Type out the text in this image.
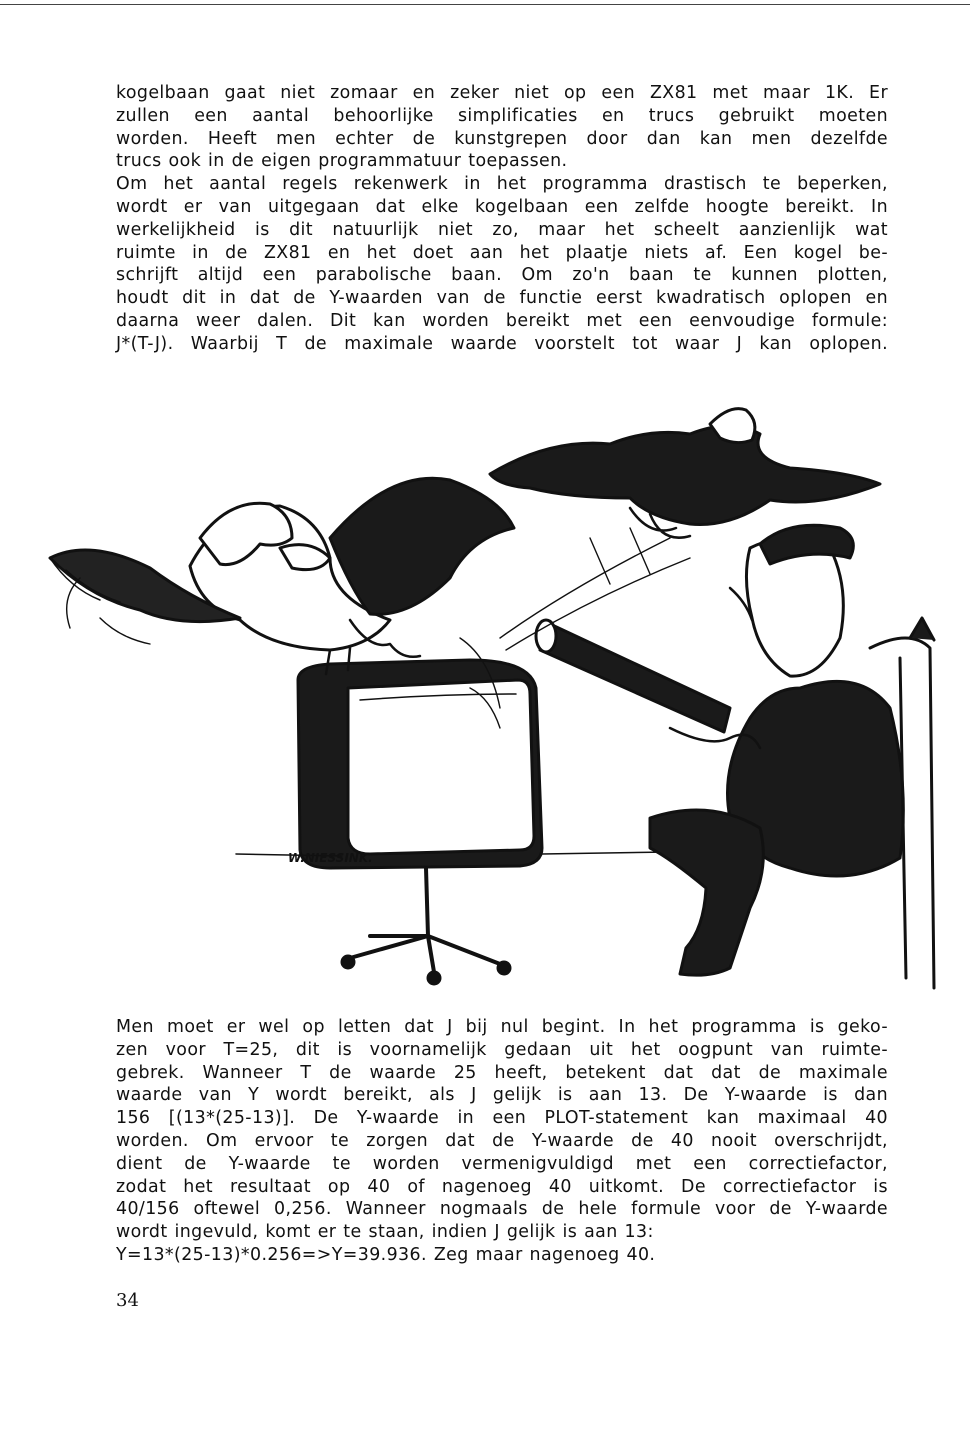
kogelbaan gaat niet zomaar en zeker niet op een ZX81 met maar 1K. Er
zullen een aantal behoorlijke simplificaties en trucs gebruikt moeten
worden. Heeft men echter de kunstgrepen door dan kan men dezelfde
trucs ook in de eigen programmatuur toepassen.
Om het aantal regels rekenwerk in het programma drastisch te beperken,
wordt er van uitgegaan dat elke kogelbaan een zelfde hoogte bereikt. In
werkelijkheid is dit natuurlijk niet zo, maar het scheelt aanzienlijk wat
ruimte in de ZX81 en het doet aan het plaatje niets af. Een kogel be-
schrijft altijd een parabolische baan. Om zo'n baan te kunnen plotten,
houdt dit in dat de Y-waarden van de functie eerst kwadratisch oplopen en
daarna weer dalen. Dit kan worden bereikt met een eenvoudige formule:
J*(T-J). Waarbij T de maximale waarde voorstelt tot waar J kan oplopen.
W.NIESSINK.
Men moet er wel op letten dat J bij nul begint. In het programma is geko-
zen voor T=25, dit is voornamelijk gedaan uit het oogpunt van ruimte-
gebrek. Wanneer T de waarde 25 heeft, betekent dat dat de maximale
waarde van Y wordt bereikt, als J gelijk is aan 13. De Y-waarde is dan
156 [(13*(25-13)]. De Y-waarde in een PLOT-statement kan maximaal 40
worden. Om ervoor te zorgen dat de Y-waarde de 40 nooit overschrijdt,
dient de Y-waarde te worden vermenigvuldigd met een correctiefactor,
zodat het resultaat op 40 of nagenoeg 40 uitkomt. De correctiefactor is
40/156 oftewel 0,256. Wanneer nogmaals de hele formule voor de Y-waarde
wordt ingevuld, komt er te staan, indien J gelijk is aan 13:
Y=13*(25-13)*0.256=>Y=39.936. Zeg maar nagenoeg 40.
34
